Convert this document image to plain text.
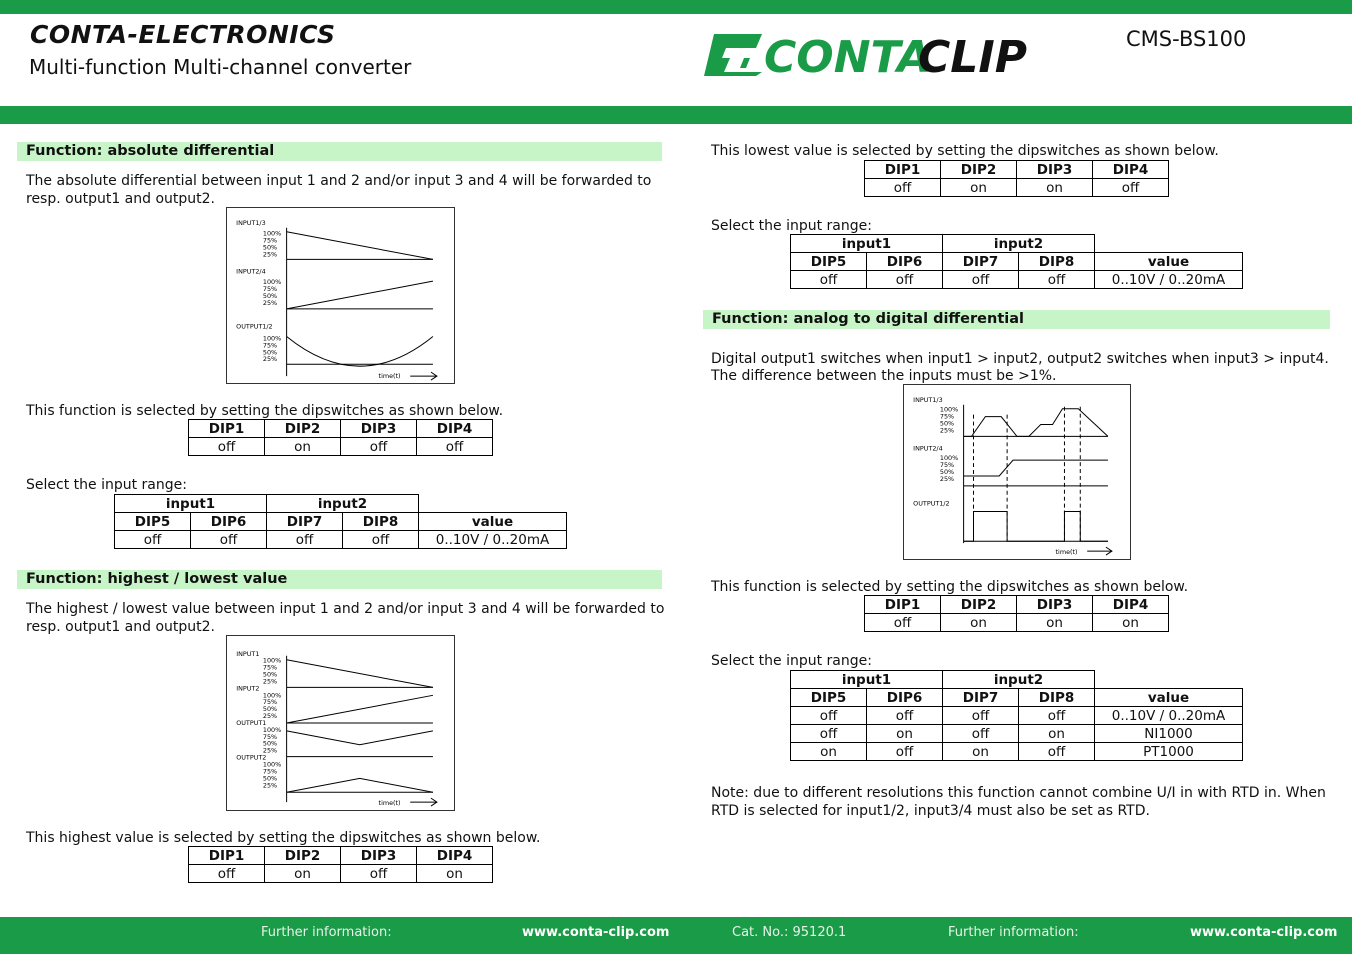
CONTA-ELECTRONICS
Multi-function Multi-channel converter	CONTA
CLIP	CMS-BS100
Function: absolute differential
The absolute differential between input 1 and 2 and/or input 3 and 4 will be forwarded to resp. output1 and output2.
INPUT1/3
INPUT2/4
OUTPUT1/2
100%
75%
50%
25%
100%
75%
50%
25%
100%
75%
50%
25%
time(t)
This function is selected by setting the dipswitches as shown below.
DIP1	DIP2	DIP3	DIP4
off	on	off	off
Select the input range:
input1		input2		
DIP5	DIP6	DIP7	DIP8	value
off	off	off	off	0..10V / 0..20mA
Function: highest / lowest value
The highest / lowest value between input 1 and 2 and/or input 3 and 4 will be forwarded to resp. output1 and output2.
INPUT1
INPUT2
OUTPUT1
OUTPUT2
100%
75%
50%
25%
100%
75%
50%
25%
100%
75%
50%
25%
100%
75%
50%
25%
time(t)
This highest value is selected by setting the dipswitches as shown below.
DIP1	DIP2	DIP3	DIP4
off	on	off	on
This lowest value is selected by setting the dipswitches as shown below.
DIP1	DIP2	DIP3	DIP4
off	on	on	off
Select the input range:
input1		input2		
DIP5	DIP6	DIP7	DIP8	value
off	off	off	off	0..10V / 0..20mA
Function: analog to digital differential
Digital output1 switches when input1 > input2, output2 switches when input3 > input4.
The difference between the inputs must be >1%.
INPUT1/3
INPUT2/4
OUTPUT1/2
100%
75%
50%
25%
100%
75%
50%
25%
time(t)
This function is selected by setting the dipswitches as shown below.
DIP1	DIP2	DIP3	DIP4
off	on	on	on
Select the input range:
input1		input2		
DIP5	DIP6	DIP7	DIP8	value
off	off	off	off	0..10V / 0..20mA
off	on	off	on	NI1000
on	off	on	off	PT1000
Note: due to different resolutions this function cannot combine U/I in with RTD in. When RTD is selected for input1/2, input3/4 must also be set as RTD.
Further information:	www.conta-clip.com	Cat. No.: 95120.1	Further information:	www.conta-clip.com
